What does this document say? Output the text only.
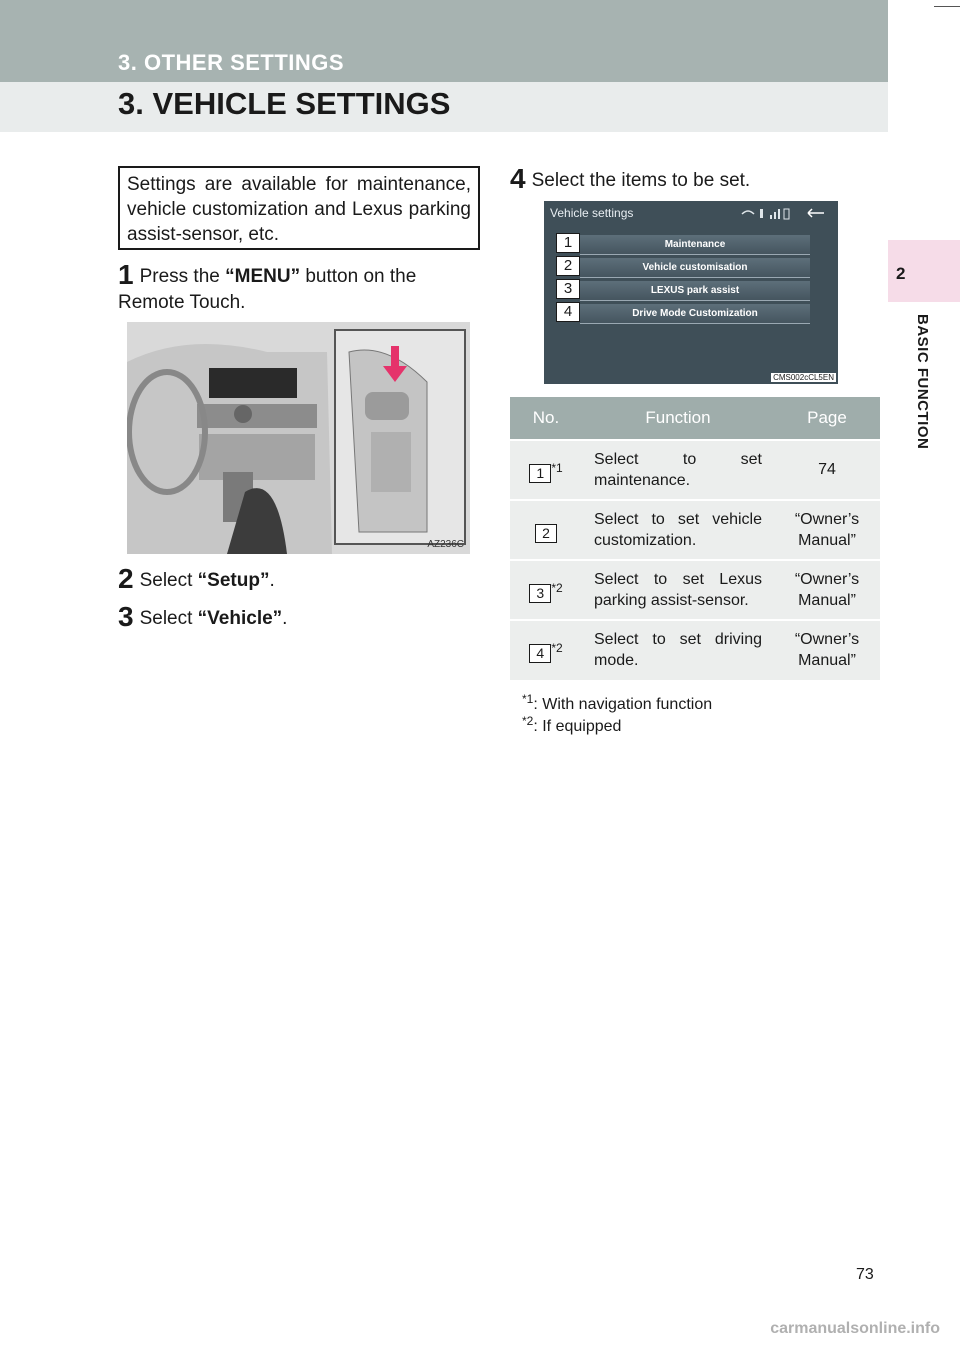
3. OTHER SETTINGS
3. VEHICLE SETTINGS
2
BASIC FUNCTION
Settings are available for maintenance, vehicle customization and Lexus parking assist-sensor, etc.
1 Press the “MENU” button on the Remote Touch.
AZ236C
2 Select “Setup”.
3 Select “Vehicle”.
4 Select the items to be set.
Vehicle settings
Maintenance
1
Vehicle customisation
2
LEXUS park assist
3
Drive Mode Customization
4
CMS002cCL5EN
No.	Function	Page
1 $^{*1}$	Select to set maintenance.	74
2	Select to set vehicle customization.	“Owner’s Manual”
3 $^{*2}$	Select to set Lexus parking assist-sensor.	“Owner’s Manual”
4 $^{*2}$	Select to set driving mode.	“Owner’s Manual”
$^{*1}$: With navigation function
$^{*2}$: If equipped
73
carmanualsonline.info
